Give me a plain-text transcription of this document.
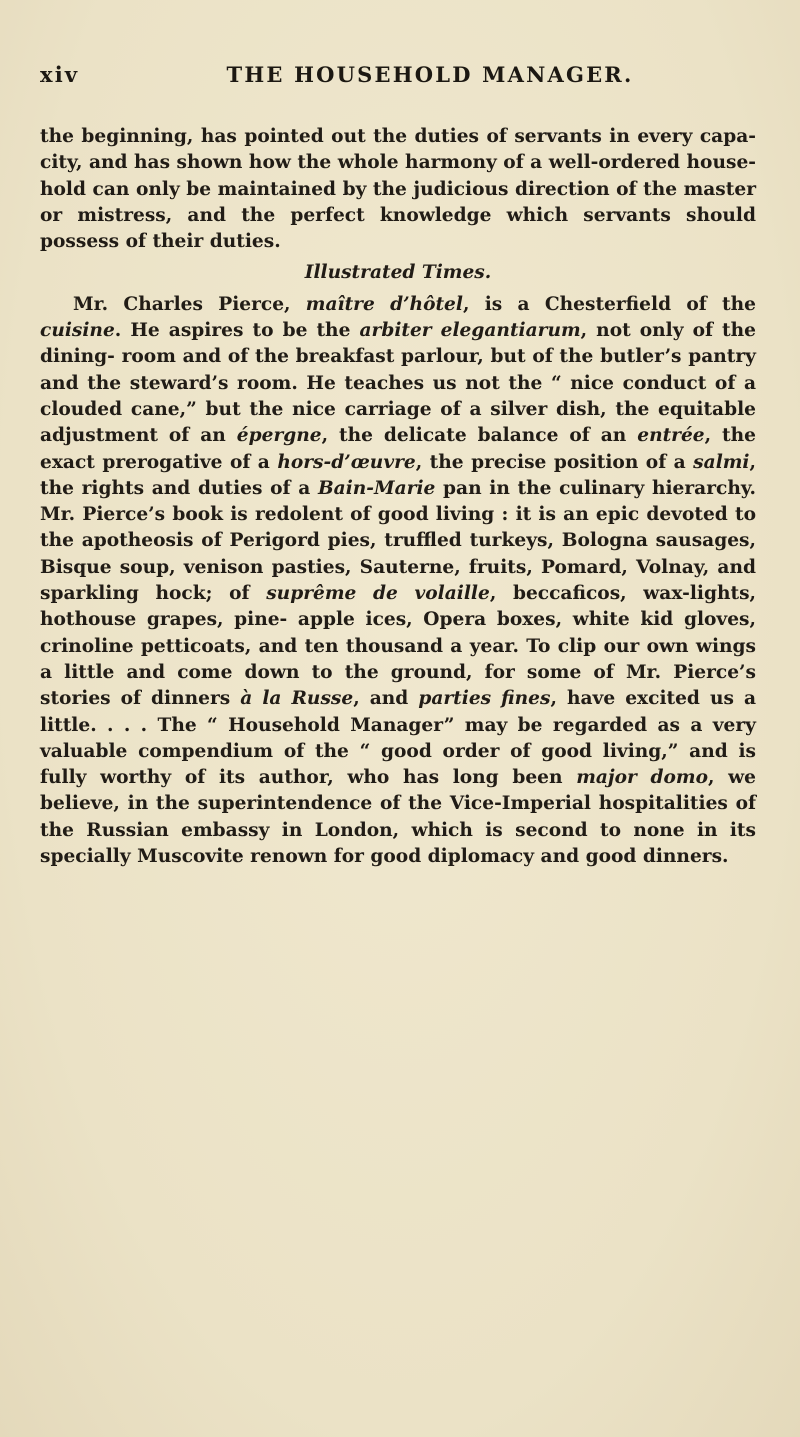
xiv	THE HOUSEHOLD MANAGER.

the beginning, has pointed out the duties of servants in every capa- city, and has shown how the whole harmony of a well-ordered house- hold can only be maintained by the judicious direction of the master or mistress, and the perfect knowledge which servants should possess of their duties.

Illustrated Times.

Mr. Charles Pierce, maître d’hôtel, is a Chesterfield of the cuisine. He aspires to be the arbiter elegantiarum, not only of the dining- room and of the breakfast parlour, but of the butler’s pantry and the steward’s room. He teaches us not the “ nice conduct of a clouded cane,” but the nice carriage of a silver dish, the equitable adjustment of an épergne, the delicate balance of an entrée, the exact prerogative of a hors-d’œuvre, the precise position of a salmi, the rights and duties of a Bain-Marie pan in the culinary hierarchy. Mr. Pierce’s book is redolent of good living : it is an epic devoted to the apotheosis of Perigord pies, truffled turkeys, Bologna sausages, Bisque soup, venison pasties, Sauterne, fruits, Pomard, Volnay, and sparkling hock; of suprême de volaille, beccaficos, wax-lights, hothouse grapes, pine- apple ices, Opera boxes, white kid gloves, crinoline petticoats, and ten thousand a year. To clip our own wings a little and come down to the ground, for some of Mr. Pierce’s stories of dinners à la Russe, and parties fines, have excited us a little. . . . The “ Household Manager” may be regarded as a very valuable compendium of the “ good order of good living,” and is fully worthy of its author, who has long been major domo, we believe, in the superintendence of the Vice-Imperial hospitalities of the Russian embassy in London, which is second to none in its specially Muscovite renown for good diplomacy and good dinners.
